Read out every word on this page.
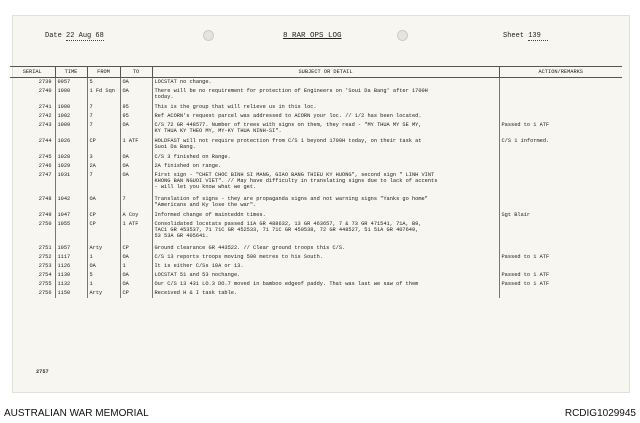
Date 22 Aug 68	8 RAR OPS LOG	Sheet 139
SERIAL	TIME	FROM	TO	SUBJECT OR DETAIL	ACTION/REMARKS
2739	0957	5	OA	LOCSTAT no change.	
2740	1000	1 Fd Sqn	OA	There will be no requirement for protection of Engineers on 'Soui Da Bang' after 1700H
today.	
2741	1000	7	95	This is the group that will relieve us in this loc.	
2742	1002	7	95	Ref ACORN's request parcel was addressed to ACORN your loc. // 1/2 has been located.	
2743	1009	7	OA	C/S 72 GR 448577. Number of trees with signs on them, they read - "MY THUA MY SE MY,
KY THUA KY THEO MY, MY-KY THUA NINH-SI".	Passed to 1 ATF
2744	1026	CP	1 ATF	HOLDFAST will not require protection from C/S 1 beyond 1700H today, on their task at
Suoi Da Bang.	C/S 1 informed.
2745	1028	3	OA	C/S 3 finished on Range.	
2746	1029	2A	OA	2A finished on range.	
2747	1031	7	OA	First sign - "CHET CHOC BINH SI MANG, GIAO BANG THIEU KY HUONG", second sign " LINH VINT
KHONG BAN NGUOI VIET". // May have difficulty in translating signs due to lack of accents
- will let you know what we get.	
2748	1042	OA	7	Translation of signs - they are propaganda signs and not warning signs "Yanks go home"
"Americans and Ky lose the war".	
2749	1047	CP	A Coy	Informed change of mainteddn times.	Sgt Blair
2750	1055	CP	1 ATF	Consolidated locstats passed 11A GR 488632, 13 GR 463657, 7 & 73 GR 471541, 71A, B9,
TAC1 GR 453537, 71 71C GR 452533, 71 71C GR 450538, 72 GR 448527, 51 51A GR 407649,
53 53A GR 405641.	
2751	1057	Arty	CP	Ground clearance GR 443522. // Clear ground troops this C/S.	
2752	1117	1	OA	C/S 13 reports troops moving 500 metres to his South.	Passed to 1 ATF
2753	1126	OA	1	It is either C/Ss 10A or 13.	
2754	1130	5	OA	LOCSTAT 51 and 53 nochange.	Passed to 1 ATF
2755	1132	1	OA	Our C/S 13 431 LO.3 DO.7 moved in bamboo edgeof paddy. That was last we saw of them	Passed to 1 ATF
2756	1150	Arty	CP	Received H & I task table.	
2757
AUSTRALIAN WAR MEMORIAL	RCDIG1029945
